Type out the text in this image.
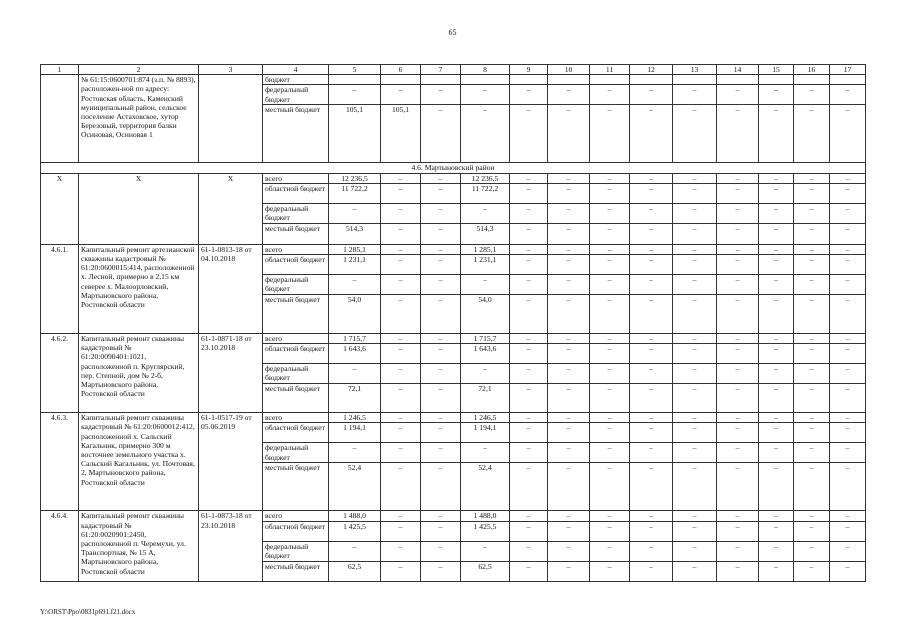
65
1	2	3	4	5	6	7	8	9	10	11	12	13	14	15	16	17
	№ 61:15:0600701:874 (з.п. № 8893), расположен-ной по адресу: Ростовская область, Каменский муниципальный район, сельское поселение Астаховское, хутор Березовый, территория балки Осиновая, Осиновая 1		бюджет													
			федеральный бюджет	–	–	–	–	–	–	–	–	–	–	–	–	–
			местный бюджет	105,1	105,1	–	–	–	–	–	–	–	–	–	–	–
4.6. Мартыновский район																
X	X	X	всего	12 236,5	–	–	12 236,5	–	–	–	–	–	–	–	–	–
			областной бюджет	11 722,2	–	–	11 722,2	–	–	–	–	–	–	–	–	–
			федеральный бюджет	–	–	–	–	–	–	–	–	–	–	–	–	–
			местный бюджет	514,3	–	–	514,3	–	–	–	–	–	–	–	–	–
4.6.1.	Капитальный ремонт артезианской скважины кадастровый № 61:20:0600015:414, расположенной х. Лесной, примерно в 2,15 км северее х. Малоорловский, Мартыновского района, Ростовской области	61-1-0813-18 от 04.10.2018	всего	1 285,1	–	–	1 285,1	–	–	–	–	–	–	–	–	–
			областной бюджет	1 231,1	–	–	1 231,1	–	–	–	–	–	–	–	–	–
			федеральный бюджет	–	–	–	–	–	–	–	–	–	–	–	–	–
			местный бюджет	54,0	–	–	54,0	–	–	–	–	–	–	–	–	–
4.6.2.	Капитальный ремонт скважины кадастровый № 61:20:0090401:1021, расположенной п. Круглярский, пер. Степной, дом № 2-б, Мартыновского района, Ростовской области	61-1-0871-18 от 23.10.2018	всего	1 715,7	–	–	1 715,7	–	–	–	–	–	–	–	–	–
			областной бюджет	1 643,6	–	–	1 643,6	–	–	–	–	–	–	–	–	–
			федеральный бюджет	–	–	–	–	–	–	–	–	–	–	–	–	–
			местный бюджет	72,1	–	–	72,1	–	–	–	–	–	–	–	–	–
4.6.3.	Капитальный ремонт скважины кадастровый № 61:20:0600012:412, расположенной х. Сальский Кагальник, примерно 300 м восточнее земельного участка х. Сальский Кагальник, ул. Почтовая, 2, Мартыновского района, Ростовской области	61-1-0517-19 от 05.06.2019	всего	1 246,5	–	–	1 246,5	–	–	–	–	–	–	–	–	–
			областной бюджет	1 194,1	–	–	1 194,1	–	–	–	–	–	–	–	–	–
			федеральный бюджет	–	–	–	–	–	–	–	–	–	–	–	–	–
			местный бюджет	52,4	–	–	52,4	–	–	–	–	–	–	–	–	–
4.6.4.	Капитальный ремонт скважины кадастровый № 61:20:0020901:2450, расположенной п. Черемухи, ул. Транспортная, № 15 А, Мартыновского района, Ростовской области	61-1-0873-18 от 23.10.2018	всего	1 488,0	–	–	1 488,0	–	–	–	–	–	–	–	–	–
			областной бюджет	1 425,5	–	–	1 425,5	–	–	–	–	–	–	–	–	–
			федеральный бюджет	–	–	–	–	–	–	–	–	–	–	–	–	–
			местный бюджет	62,5	–	–	62,5	–	–	–	–	–	–	–	–	–
Y:\ORST\Ppo\0831p691.f21.docx
